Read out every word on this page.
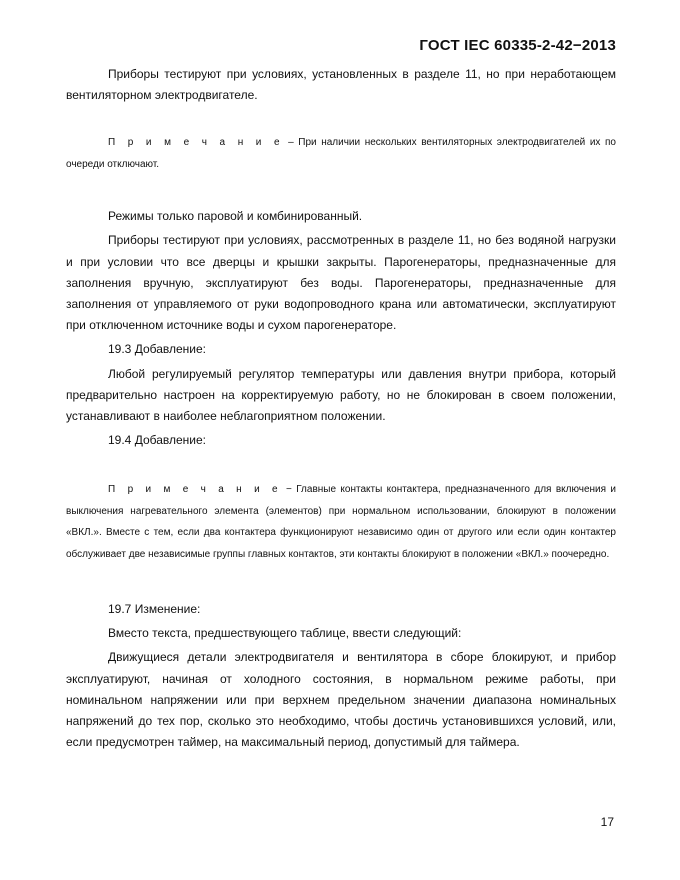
ГОСТ IEC 60335-2-42−2013

Приборы тестируют при условиях, установленных в разделе 11, но при неработающем вентиляторном электродвигателе.

П р и м е ч а н и е – При наличии нескольких вентиляторных электродвигателей их по очереди отключают.

Режимы только паровой и комбинированный.

Приборы тестируют при условиях, рассмотренных в разделе 11, но без водяной нагрузки и при условии что все дверцы и крышки закрыты. Парогенераторы, предназначенные для заполнения вручную, эксплуатируют без воды. Парогенераторы, предназначенные для заполнения от управляемого от руки водопроводного крана или автоматически, эксплуатируют при отключенном источнике воды и сухом парогенераторе.

19.3 Добавление:

Любой регулируемый регулятор температуры или давления внутри прибора, который предварительно настроен на корректируемую работу, но не блокирован в своем положении, устанавливают в наиболее неблагоприятном положении.

19.4 Добавление:

П р и м е ч а н и е − Главные контакты контактера, предназначенного для включения и выключения нагревательного элемента (элементов) при нормальном использовании, блокируют в положении «ВКЛ.». Вместе с тем, если два контактера функционируют независимо один от другого или если один контактер обслуживает две независимые группы главных контактов, эти контакты блокируют в положении «ВКЛ.» поочередно.

19.7 Изменение:

Вместо текста, предшествующего таблице, ввести следующий:

Движущиеся детали электродвигателя и вентилятора в сборе блокируют, и прибор эксплуатируют, начиная от холодного состояния, в нормальном режиме работы, при номинальном напряжении или при верхнем предельном значении диапазона номинальных напряжений до тех пор, сколько это необходимо, чтобы достичь установившихся условий, или, если предусмотрен таймер, на максимальный период, допустимый для таймера.

17
